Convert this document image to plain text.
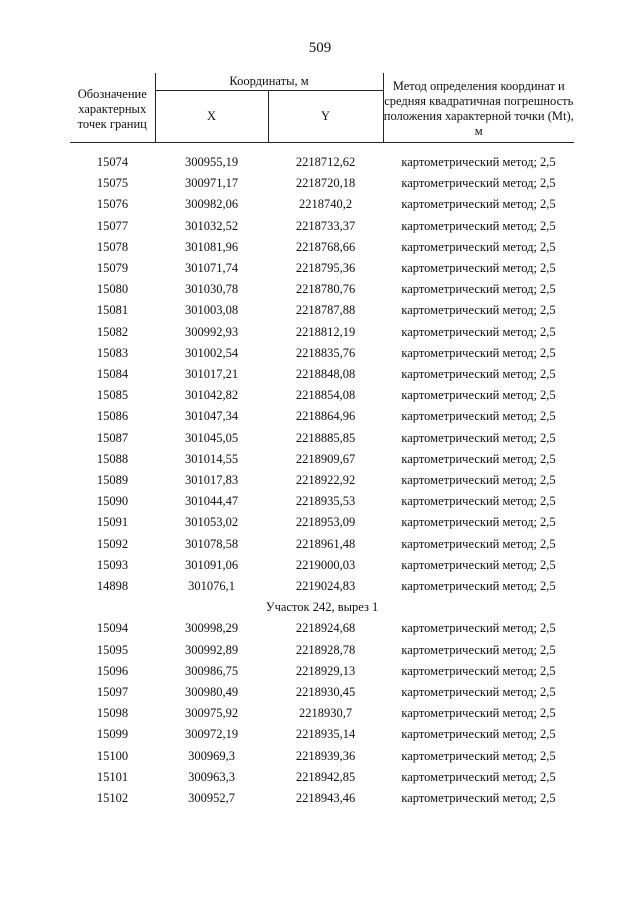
509
Обозначение характерных точек границ	Координаты, м		Метод определения координат и средняя квадратичная погрешность положения характерной точки (Mt), м
	X	Y	

15074	300955,19	2218712,62	картометрический метод; 2,5
15075	300971,17	2218720,18	картометрический метод; 2,5
15076	300982,06	2218740,2	картометрический метод; 2,5
15077	301032,52	2218733,37	картометрический метод; 2,5
15078	301081,96	2218768,66	картометрический метод; 2,5
15079	301071,74	2218795,36	картометрический метод; 2,5
15080	301030,78	2218780,76	картометрический метод; 2,5
15081	301003,08	2218787,88	картометрический метод; 2,5
15082	300992,93	2218812,19	картометрический метод; 2,5
15083	301002,54	2218835,76	картометрический метод; 2,5
15084	301017,21	2218848,08	картометрический метод; 2,5
15085	301042,82	2218854,08	картометрический метод; 2,5
15086	301047,34	2218864,96	картометрический метод; 2,5
15087	301045,05	2218885,85	картометрический метод; 2,5
15088	301014,55	2218909,67	картометрический метод; 2,5
15089	301017,83	2218922,92	картометрический метод; 2,5
15090	301044,47	2218935,53	картометрический метод; 2,5
15091	301053,02	2218953,09	картометрический метод; 2,5
15092	301078,58	2218961,48	картометрический метод; 2,5
15093	301091,06	2219000,03	картометрический метод; 2,5
14898	301076,1	2219024,83	картометрический метод; 2,5
Участок 242, вырез 1			
15094	300998,29	2218924,68	картометрический метод; 2,5
15095	300992,89	2218928,78	картометрический метод; 2,5
15096	300986,75	2218929,13	картометрический метод; 2,5
15097	300980,49	2218930,45	картометрический метод; 2,5
15098	300975,92	2218930,7	картометрический метод; 2,5
15099	300972,19	2218935,14	картометрический метод; 2,5
15100	300969,3	2218939,36	картометрический метод; 2,5
15101	300963,3	2218942,85	картометрический метод; 2,5
15102	300952,7	2218943,46	картометрический метод; 2,5
